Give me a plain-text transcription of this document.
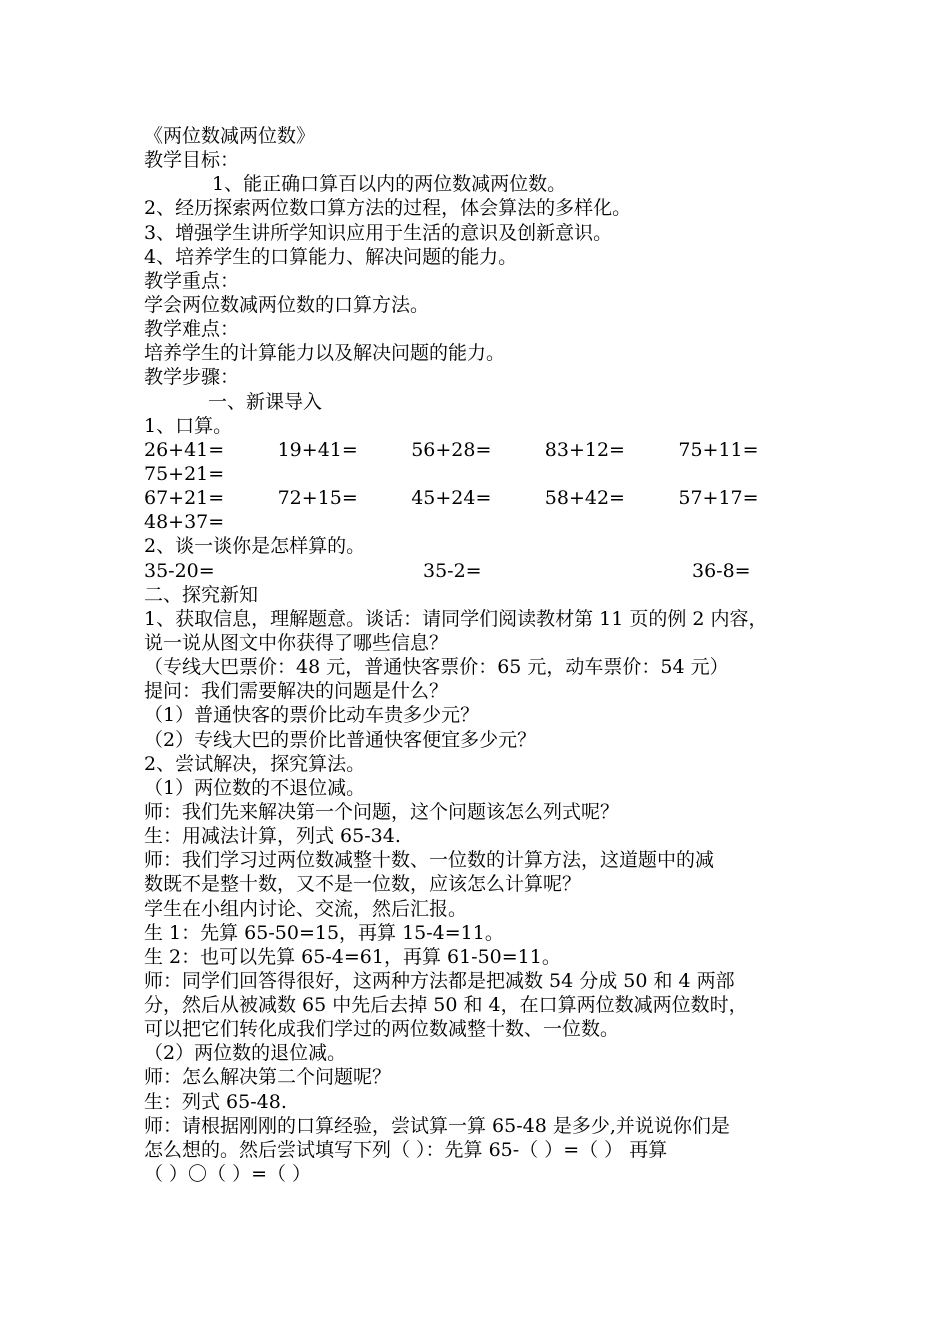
《两位数减两位数》
教学目标：
1、能正确口算百以内的两位数减两位数。
2、经历探索两位数口算方法的过程，体会算法的多样化。
3、增强学生讲所学知识应用于生活的意识及创新意识。
4、培养学生的口算能力、解决问题的能力。
教学重点：
学会两位数减两位数的口算方法。
教学难点：
培养学生的计算能力以及解决问题的能力。
教学步骤：
一、新课导入
1、口算。
26+41=	19+41=	56+28=	83+12=	75+11=
75+21=
67+21=	72+15=	45+24=	58+42=	57+17=
48+37=
2、谈一谈你是怎样算的。
35-20=	35-2=	36-8=
二、探究新知
1、获取信息，理解题意。谈话：请同学们阅读教材第 11 页的例 2 内容，
说一说从图文中你获得了哪些信息？
（专线大巴票价：48 元，普通快客票价：65 元，动车票价：54 元）
提问：我们需要解决的问题是什么？
（1）普通快客的票价比动车贵多少元？
（2）专线大巴的票价比普通快客便宜多少元？
2、尝试解决，探究算法。
（1）两位数的不退位减。
师：我们先来解决第一个问题，这个问题该怎么列式呢？
生：用减法计算，列式 65-34.
师：我们学习过两位数减整十数、一位数的计算方法，这道题中的减
数既不是整十数，又不是一位数，应该怎么计算呢？
学生在小组内讨论、交流，然后汇报。
生 1：先算 65-50=15，再算 15-4=11。
生 2：也可以先算 65-4=61，再算 61-50=11。
师：同学们回答得很好，这两种方法都是把减数 54 分成 50 和 4 两部
分，然后从被减数 65 中先后去掉 50 和 4，在口算两位数减两位数时，
可以把它们转化成我们学过的两位数减整十数、一位数。
（2）两位数的退位减。
师：怎么解决第二个问题呢？
生：列式 65-48.
师：请根据刚刚的口算经验，尝试算一算 65-48 是多少,并说说你们是
怎么想的。然后尝试填写下列（ ）：先算 65-（ ）=（ ） 再算
（ ）〇（ ）=（ ）
